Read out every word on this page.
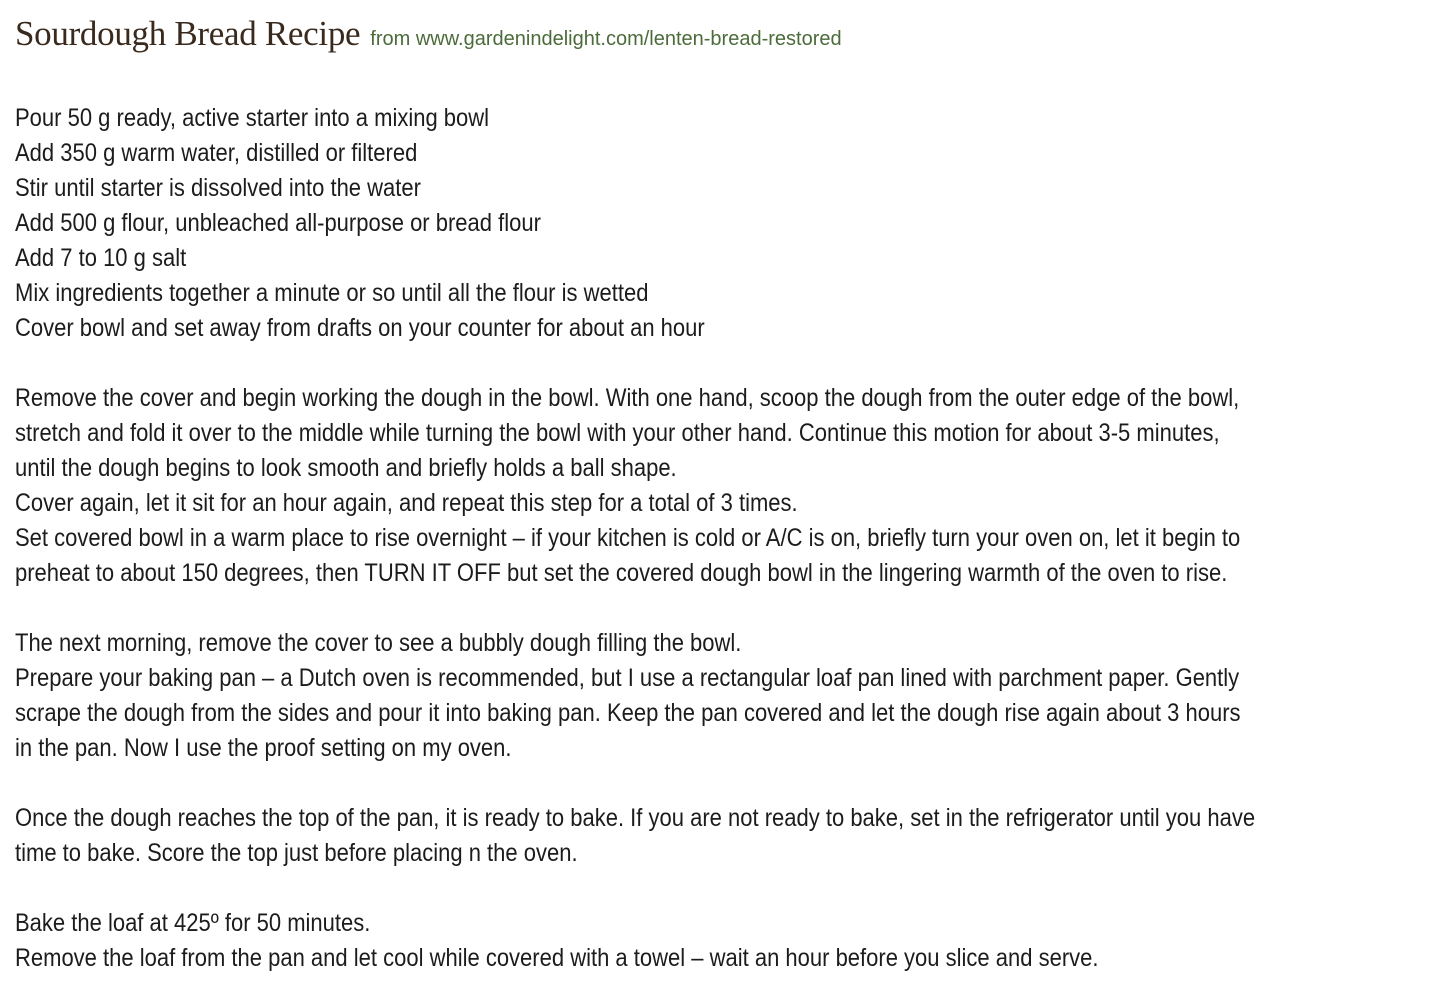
Sourdough Bread Recipe from www.gardenindelight.com/lenten-bread-restored
Pour 50 g ready, active starter into a mixing bowl
Add 350 g warm water, distilled or filtered
Stir until starter is dissolved into the water
Add 500 g flour, unbleached all-purpose or bread flour
Add 7 to 10 g salt
Mix ingredients together a minute or so until all the flour is wetted
Cover bowl and set away from drafts on your counter for about an hour
Remove the cover and begin working the dough in the bowl. With one hand, scoop the dough from the outer edge of the bowl,
stretch and fold it over to the middle while turning the bowl with your other hand. Continue this motion for about 3-5 minutes,
until the dough begins to look smooth and briefly holds a ball shape.
Cover again, let it sit for an hour again, and repeat this step for a total of 3 times.
Set covered bowl in a warm place to rise overnight – if your kitchen is cold or A/C is on, briefly turn your oven on, let it begin to
preheat to about 150 degrees, then TURN IT OFF but set the covered dough bowl in the lingering warmth of the oven to rise.
The next morning, remove the cover to see a bubbly dough filling the bowl.
Prepare your baking pan – a Dutch oven is recommended, but I use a rectangular loaf pan lined with parchment paper. Gently
scrape the dough from the sides and pour it into baking pan. Keep the pan covered and let the dough rise again about 3 hours
in the pan. Now I use the proof setting on my oven.
Once the dough reaches the top of the pan, it is ready to bake. If you are not ready to bake, set in the refrigerator until you have
time to bake. Score the top just before placing n the oven.
Bake the loaf at 425º for 50 minutes.
Remove the loaf from the pan and let cool while covered with a towel – wait an hour before you slice and serve.
